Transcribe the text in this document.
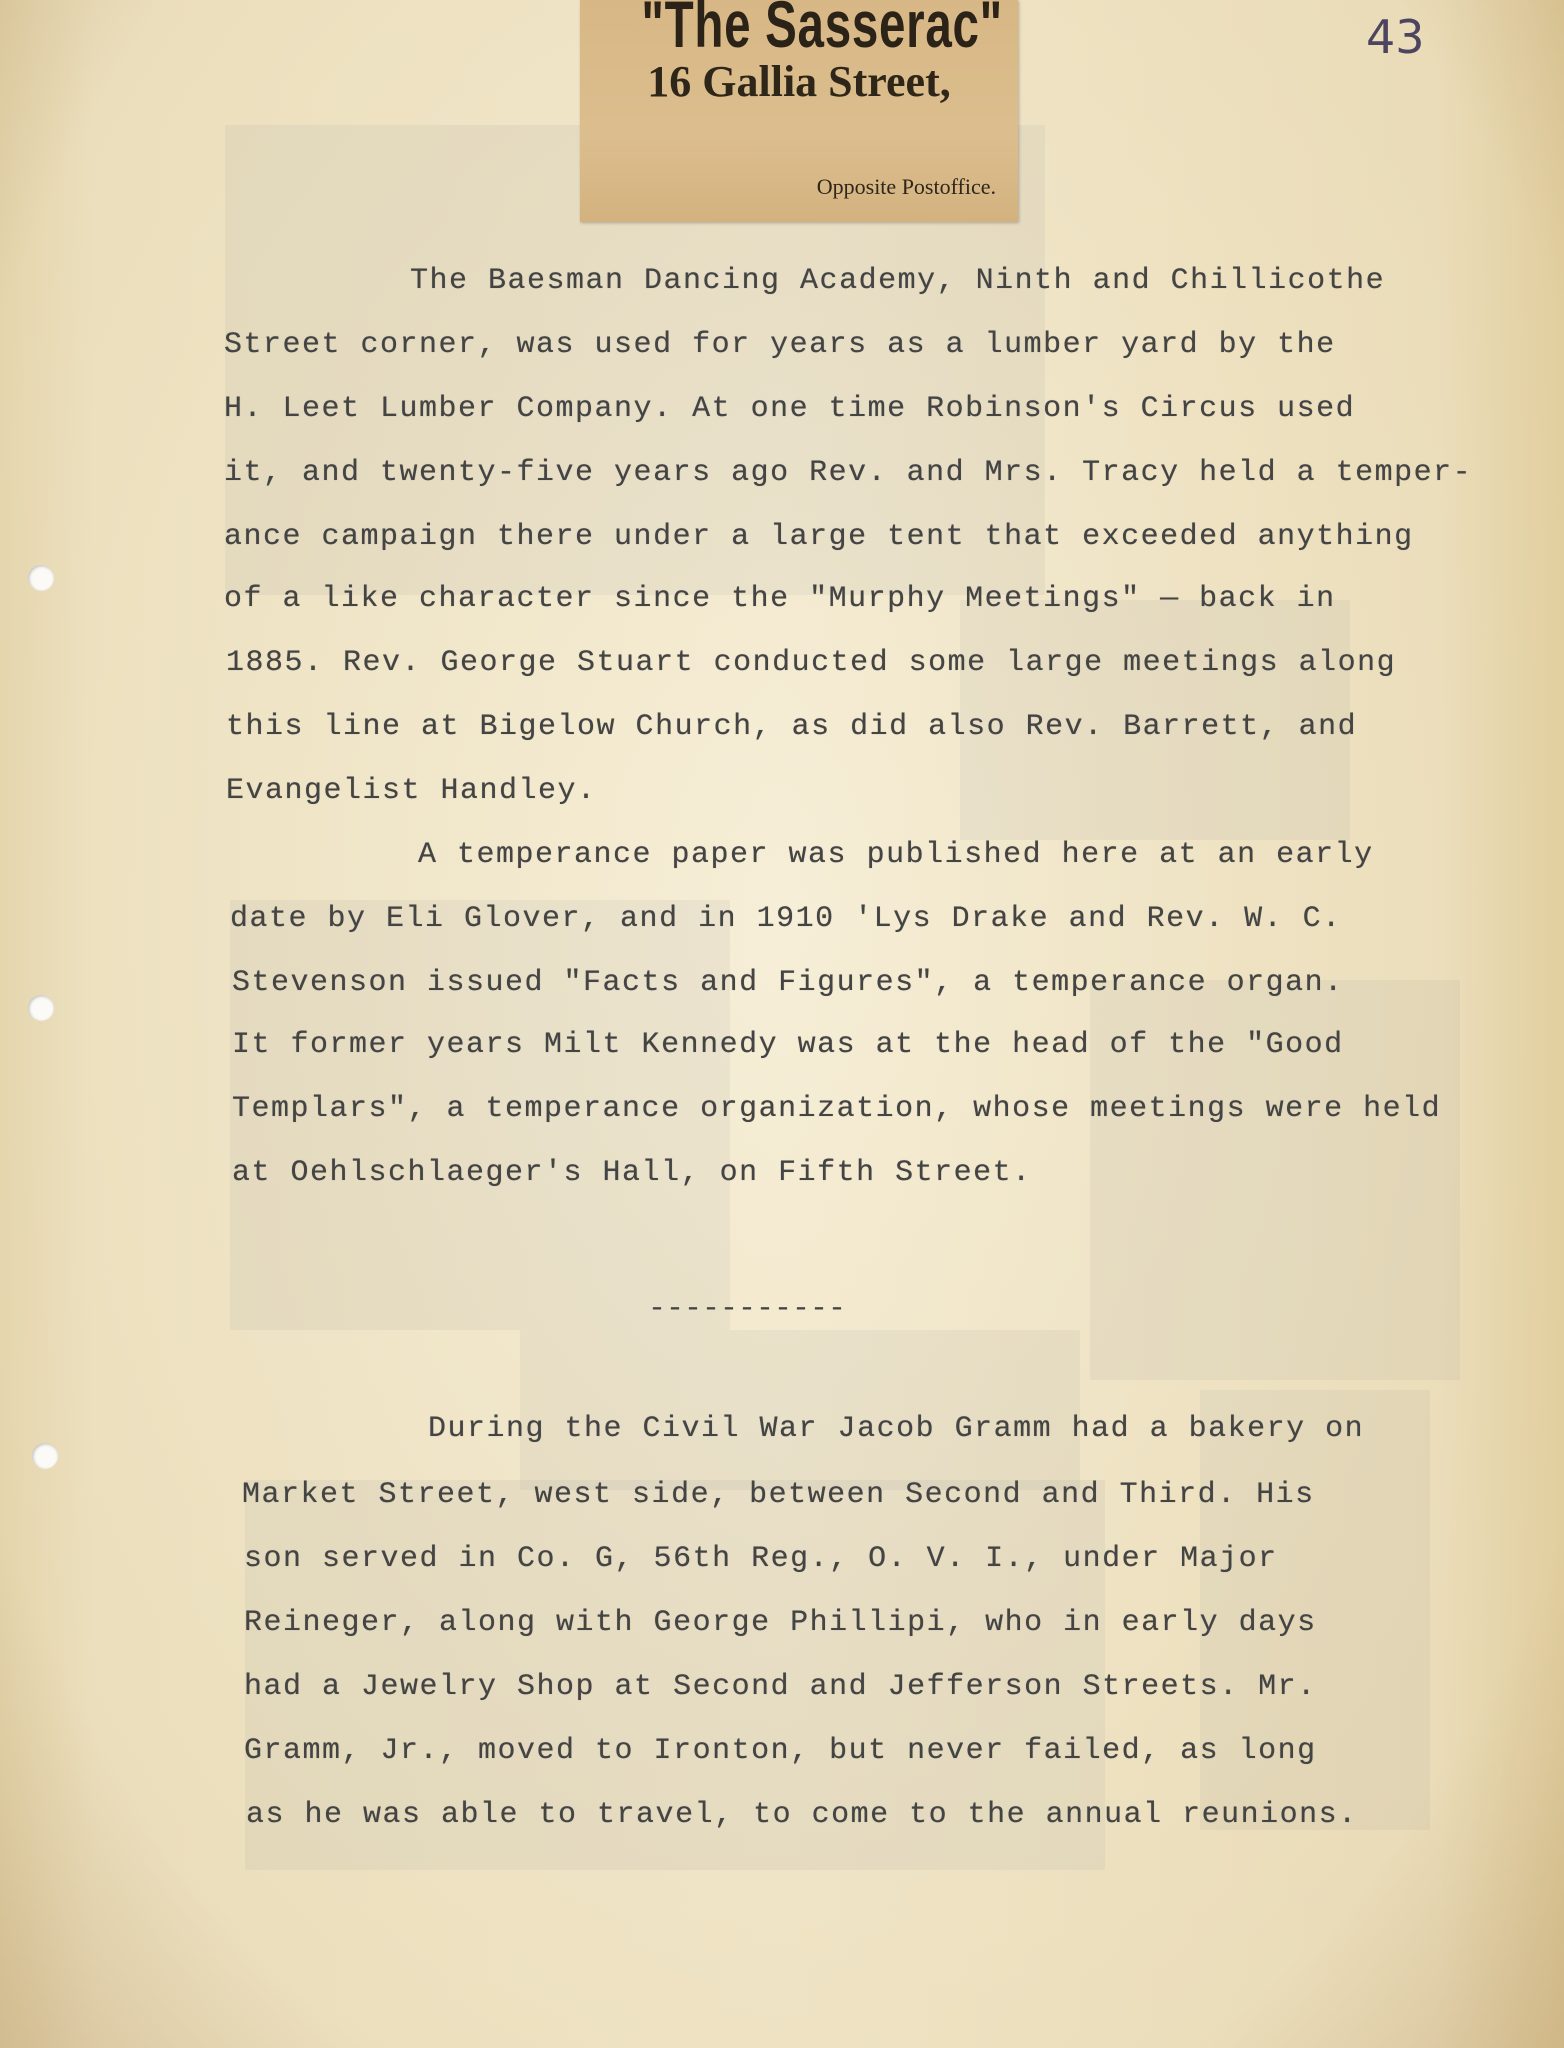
"The Sasserac"
16 Gallia Street,
Opposite Postoffice.
43

The Baesman Dancing Academy, Ninth and Chillicothe

Street corner, was used for years as a lumber yard by the

H. Leet Lumber Company. At one time Robinson's Circus used

it, and twenty-five years ago Rev. and Mrs. Tracy held a temper-

ance campaign there under a large tent that exceeded anything

of a like character since the "Murphy Meetings" — back in

1885. Rev. George Stuart conducted some large meetings along

this line at Bigelow Church, as did also Rev. Barrett, and

Evangelist Handley.

A temperance paper was published here at an early

date by Eli Glover, and in 1910 'Lys Drake and Rev. W. C.

Stevenson issued "Facts and Figures", a temperance organ.

It former years Milt Kennedy was at the head of the "Good

Templars", a temperance organization, whose meetings were held

at Oehlschlaeger's Hall, on Fifth Street.

-----------

During the Civil War Jacob Gramm had a bakery on

Market Street, west side, between Second and Third. His

son served in Co. G, 56th Reg., O. V. I., under Major

Reineger, along with George Phillipi, who in early days

had a Jewelry Shop at Second and Jefferson Streets. Mr.

Gramm, Jr., moved to Ironton, but never failed, as long

as he was able to travel, to come to the annual reunions.
